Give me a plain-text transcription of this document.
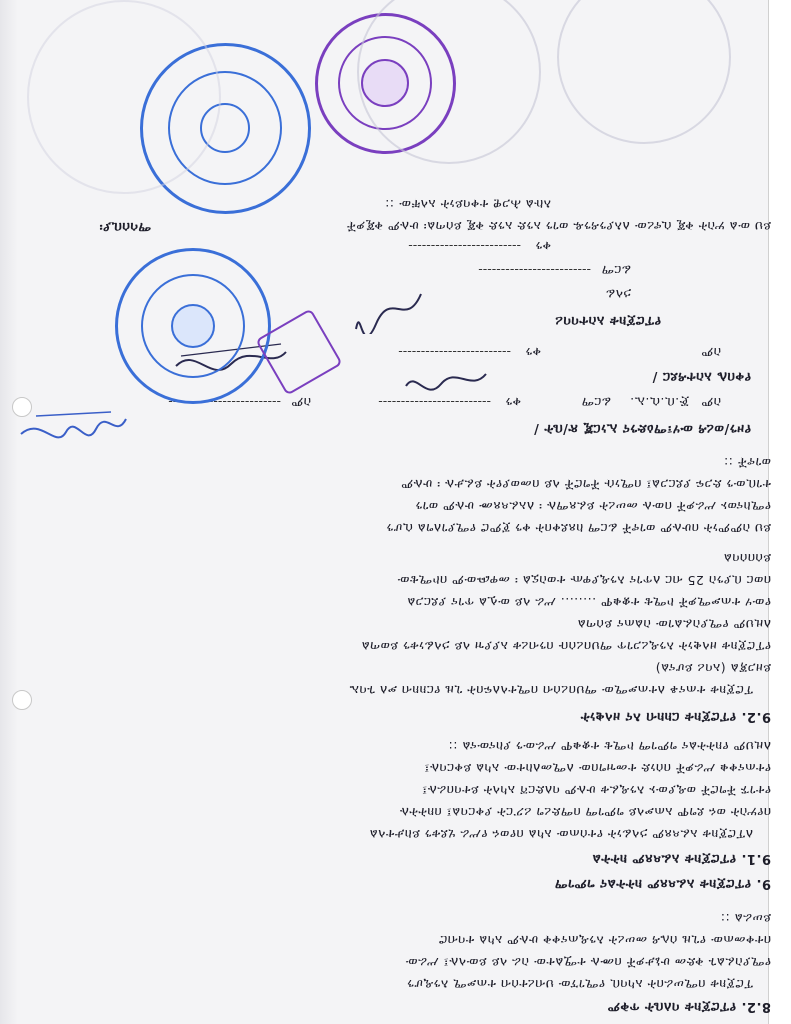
8.2. የፕሮጀክቱ ባለቤት ጥቅም
ፕሮጀክቱ በሚሠራበት አካባቢ የሚገኘው ህብረተሰብ ተጠቃሚ እንዲሆን
የሚያስፈልጉ ቅድመ ሁኔታዎች በሙሉ ተሟልተው ስራ ላይ ይውላሉ፤ ሥራው
በተቀመጠው የጊዜ ሰሌዳ መሠረት እንዲጠናቀቅ ሁሉም አካል ተባብሮ
ይሠራል ::
9. የፕሮጀክቱ አፈጻጸም ክትትልና ግምገማ
9.1. የፕሮጀክቱ አፈጻጸም ክትትል
ለፕሮጀክቱ አፈጻጸም ኃላፊነት የተሰጠው አካል በየወሩ የሥራ ሂደቱን ይከታተላል
በየሦስት ወሩ ደግሞ አጠቃላይ ግምገማ በማድረግ ሪፖርት ያቀርባል፤ በክትትሉ
የተገኙ ችግሮች ወዲያውኑ እንዲፈቱ ሁሉም ባለድርሻ አካላት ይተባበራሉ፤
የተጠናቀቁ ሥራዎች በሰነድ ተመዝግበው ለሚመለከተው አካል ይቀርባሉ፤
ለዚህም የክትትልና ግምገማ ኮሚቴ ተቋቁሞ ሥራውን ያከናውናል ::
9.2. የፕሮጀክቱ ርክክብ እና ዘላቂነት
ፕሮጀክቱ ተጠናቆ ለተጠቃሚው ማህበረሰብ በሚተላለፍበት ጊዜ የርክክብ ቃለ ጉባኤ
ይዘጋጃል (አባሪ ይሆናል)
የፕሮጀክቱ ዘላቂነት እንዲረጋገጥ ማህበረሰቡ በንብረቱ አያያዝ ላይ ኃላፊነቱን ይወጣል
ለዚህም የሚያስፈልገው ስልጠና ይሰጣል
የውሃ ተጠቃሚዎች ኮሚቴ ተቋቁሞ ........ ሥራ ላይ ውሏል ጥገና ያደርጋል
በወር ቢያንስ 25 ብር ለጥገና እንዲያዋጡ ተወስኗል ፡ መዋጮውም በኮሚቴው
ይሰበሰባል
ይህ ስምምነት በሁሉም ወገኖች ፊርማ ከጸደቀበት ቀን ጀምሮ የሚያገለግል ሲሆን
የሚከናወኑ ሥራዎች በውሉ መሠረት ይፈጸማሉ ፡ ለአፈጻጸሙ ሁሉም ወገን
ተገቢውን ድጋፍ ያደርጋል፤ በሚነሱ ችግሮች ላይ በመወያየት ይፈታሉ ፡ ሁሉም
ወገኖች ::
የዞን/ወረዳ ውሃ፣ማዕድንና ኢነርጂ ጽ/ቤት /
ስም
ጅ.ቢ.ሲ.ኢ.
ፊርማ
ቀን
-------------------------
ስም
-------------------------
የቀበሌ አስተዳደር /
ስም
ቀን
-------------------------
የፕሮጀክቱ አስተባባሪ
ኃላፊ
ፊርማ
-------------------------
ቀን
-------------------------
ማሳሰቢያ፡	ይህ ውል ሦስት ቅጂ ሲኖረው ለእያንዳንዱ ወገን አንድ አንድ ቅጂ ይሰጣል፡ ሁሉም ቅጂዎች
እኩል ሕጋዊ ተቀባይነት አላቸው ::
